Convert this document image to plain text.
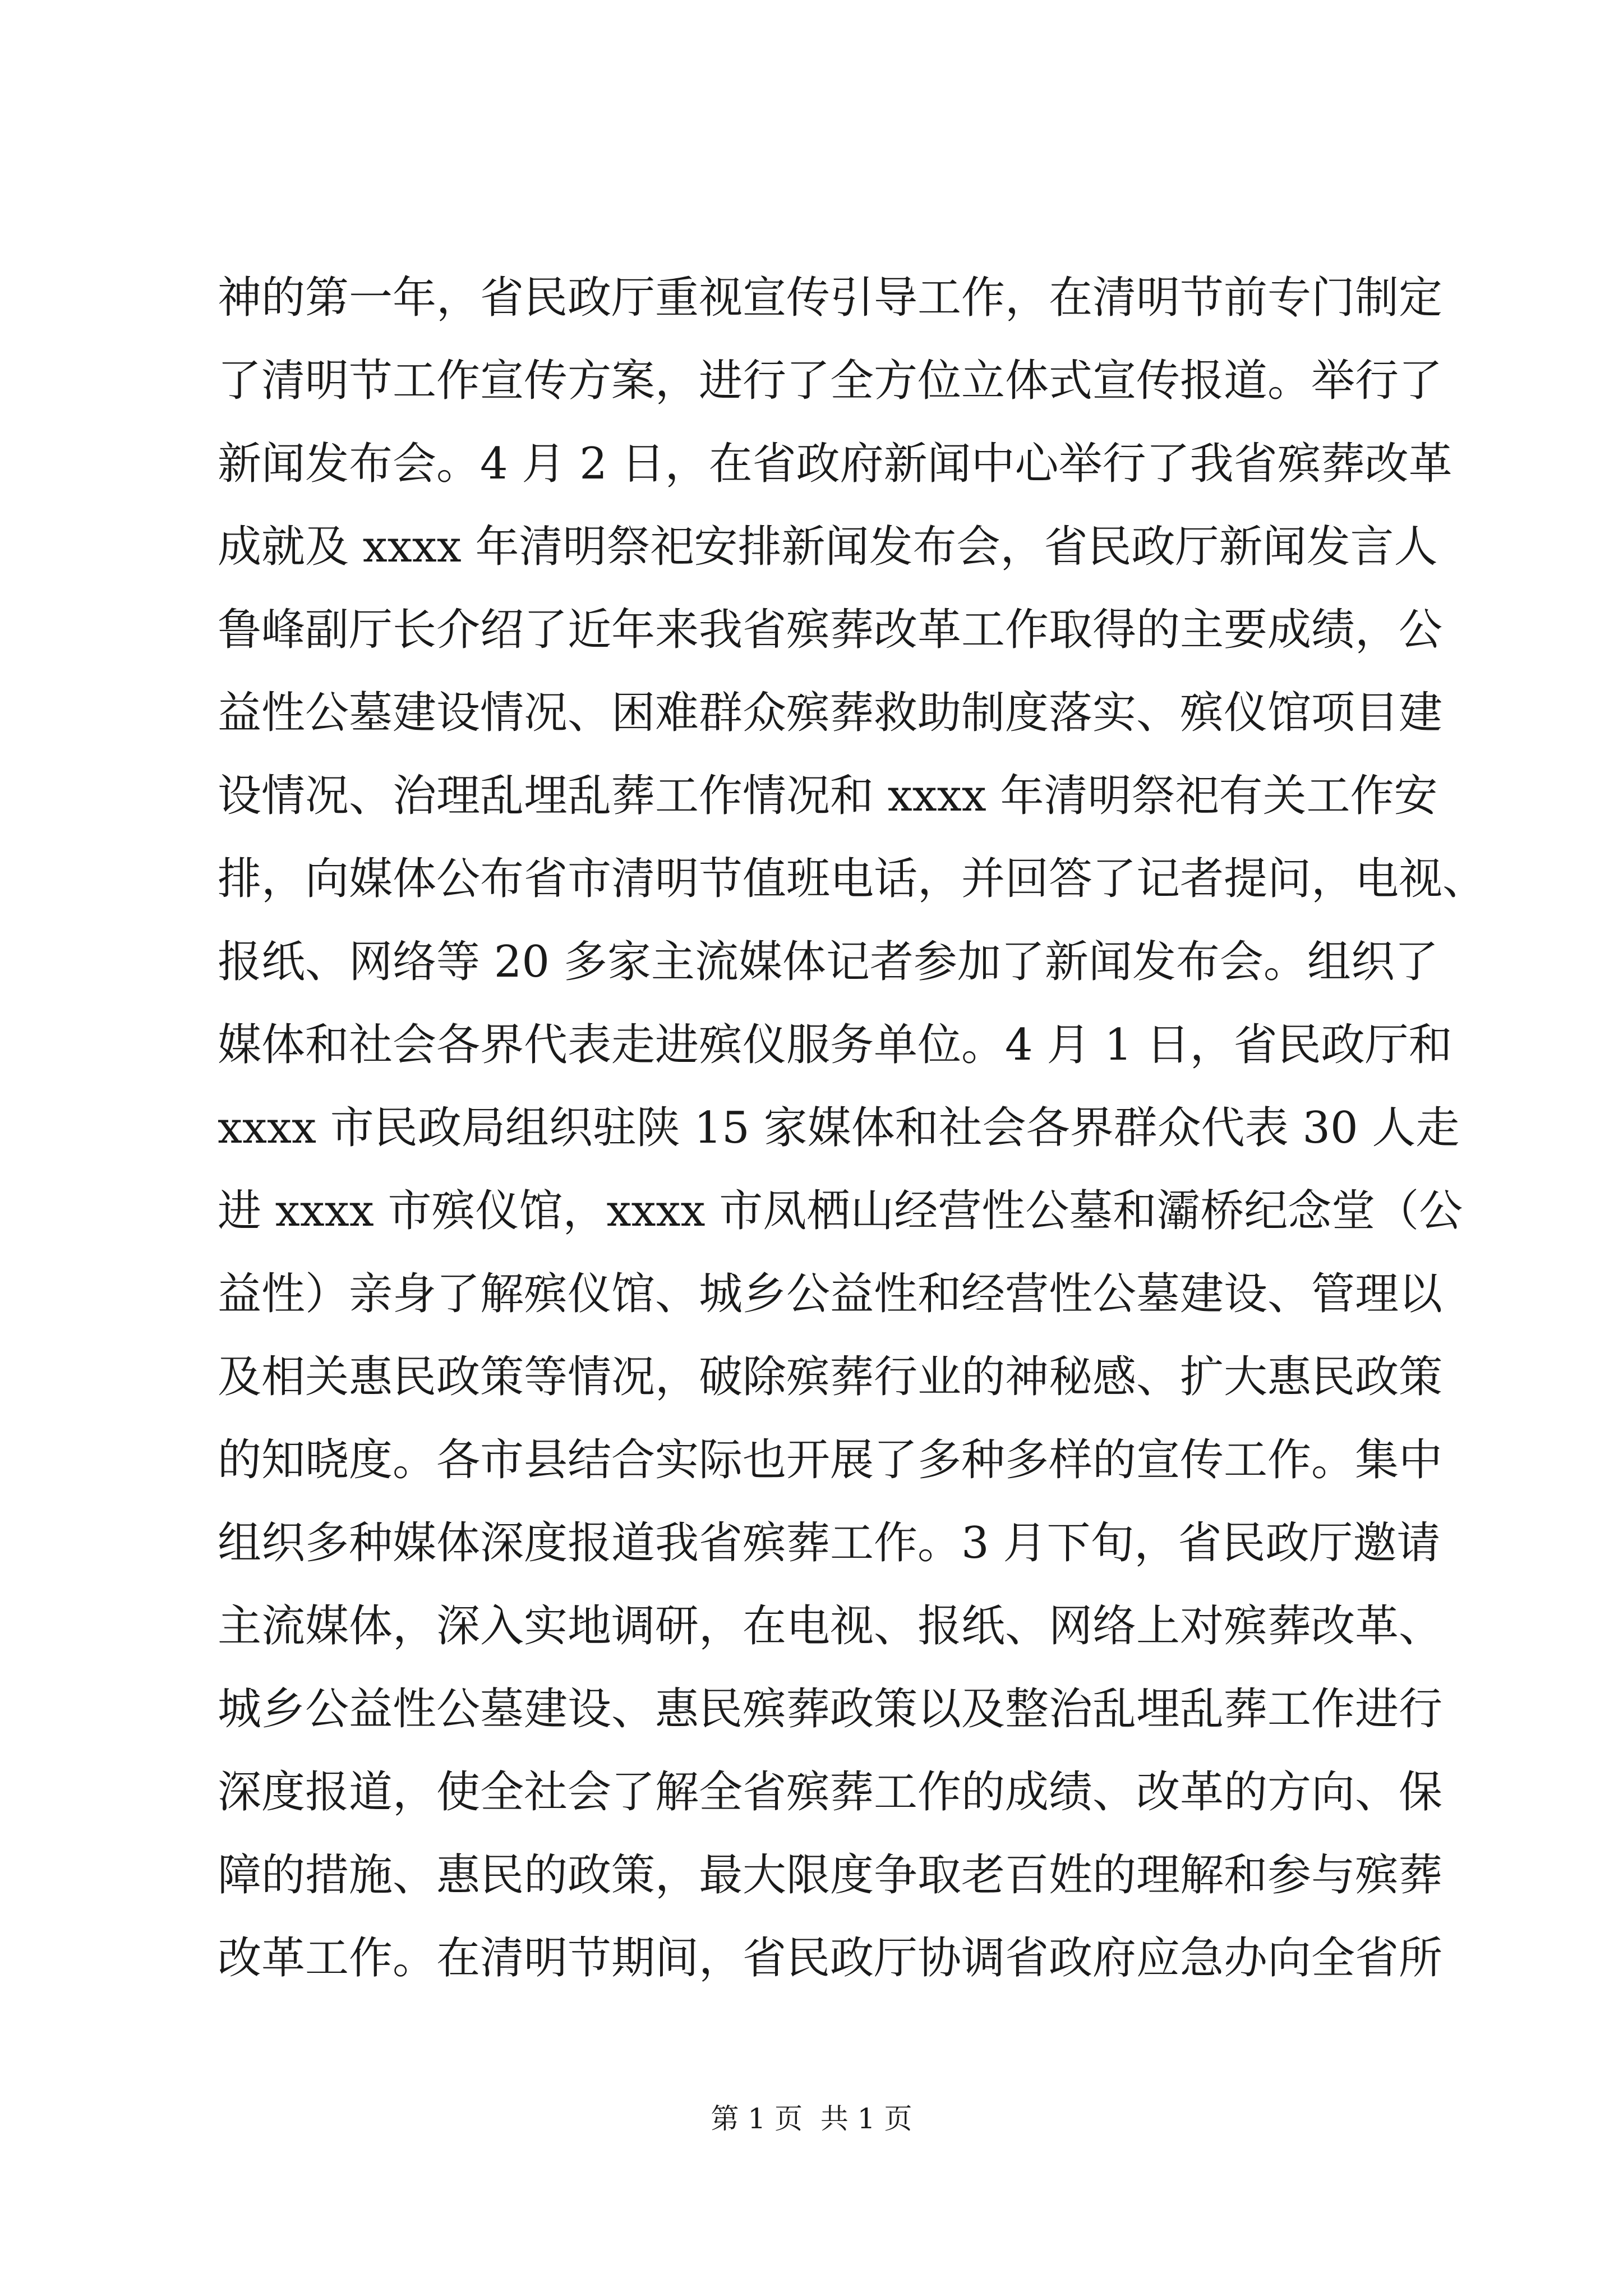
神的第一年，省民政厅重视宣传引导工作，在清明节前专门制定
了清明节工作宣传方案，进行了全方位立体式宣传报道。举行了
新闻发布会。4 月 2 日，在省政府新闻中心举行了我省殡葬改革
成就及 xxxx 年清明祭祀安排新闻发布会，省民政厅新闻发言人
鲁峰副厅长介绍了近年来我省殡葬改革工作取得的主要成绩，公
益性公墓建设情况、困难群众殡葬救助制度落实、殡仪馆项目建
设情况、治理乱埋乱葬工作情况和 xxxx 年清明祭祀有关工作安
排，向媒体公布省市清明节值班电话，并回答了记者提问，电视、
报纸、网络等 20 多家主流媒体记者参加了新闻发布会。组织了
媒体和社会各界代表走进殡仪服务单位。4 月 1 日，省民政厅和
xxxx 市民政局组织驻陕 15 家媒体和社会各界群众代表 30 人走
进 xxxx 市殡仪馆，xxxx 市凤栖山经营性公墓和灞桥纪念堂（公
益性）亲身了解殡仪馆、城乡公益性和经营性公墓建设、管理以
及相关惠民政策等情况，破除殡葬行业的神秘感、扩大惠民政策
的知晓度。各市县结合实际也开展了多种多样的宣传工作。集中
组织多种媒体深度报道我省殡葬工作。3 月下旬，省民政厅邀请
主流媒体，深入实地调研，在电视、报纸、网络上对殡葬改革、
城乡公益性公墓建设、惠民殡葬政策以及整治乱埋乱葬工作进行
深度报道，使全社会了解全省殡葬工作的成绩、改革的方向、保
障的措施、惠民的政策，最大限度争取老百姓的理解和参与殡葬
改革工作。在清明节期间，省民政厅协调省政府应急办向全省所
第 1 页  共 1 页
